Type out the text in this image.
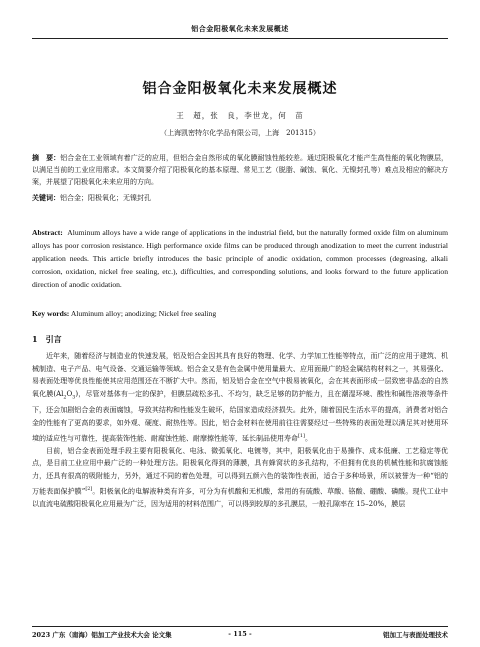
铝合金阳极氧化未来发展概述
铝合金阳极氧化未来发展概述
王　超，张　良，李世龙，何　苗
（上海凯密特尔化学品有限公司，上海　201315）
摘　要：铝合金在工业领域有着广泛的应用，但铝合金自然形成的氧化膜耐蚀性能较差。通过阳极氧化才能产生高性能的氧化物膜层，以满足当前的工业应用需求。本文简要介绍了阳极氧化的基本原理、常见工艺（脱脂、碱蚀、氧化、无镍封孔等）难点及相应的解决方案，并展望了阳极氧化未来应用的方向。
关键词：铝合金；阳极氧化；无镍封孔
Abstract: Aluminum alloys have a wide range of applications in the industrial field, but the naturally formed oxide film on aluminum alloys has poor corrosion resistance. High performance oxide films can be produced through anodization to meet the current industrial application needs. This article briefly introduces the basic principle of anodic oxidation, common processes (degreasing, alkali corrosion, oxidation, nickel free sealing, etc.), difficulties, and corresponding solutions, and looks forward to the future application direction of anodic oxidation.
Key words: Aluminum alloy; anodizing; Nickel free sealing
1　引言

近年来，随着经济与制造业的快速发展，铝及铝合金因其具有良好的物理、化学、力学加工性能等特点，而广泛的应用于建筑、机械制造、电子产品、电气设备、交通运输等领域。铝合金又是有色金属中使用量最大、应用面最广的轻金属结构材料之一，其易强化、易表面处理等优良性能使其应用范围还在不断扩大中。然而，铝及铝合金在空气中极易被氧化，会在其表面形成一层致密非晶态的自然氧化膜$(Al_2O_3)$，尽管对基体有一定的保护，但膜层疏松多孔、不均匀，缺乏足够的防护能力，且在潮湿环境、酸性和碱性溶液等条件下，还会加剧铝合金的表面腐蚀，导致其结构和性能发生破坏，给国家造成经济损失。此外，随着国民生活水平的提高，消费者对铝合金的性能有了更高的要求，如外观、硬度、耐热性等。因此，铝合金材料在使用前往往需要经过一些特殊的表面处理以满足其对使用环境的适应性与可靠性，提高装饰性能、耐腐蚀性能、耐摩擦性能等，延长制品使用寿命[1]。

目前，铝合金表面处理手段主要有阳极氧化、电泳、微弧氧化、电镀等，其中，阳极氧化由于易操作、成本低廉、工艺稳定等优点，是目前工业应用中最广泛的一种处理方法。阳极氧化得到的薄膜，具有蜂窝状的多孔结构，不但拥有优良的机械性能和抗腐蚀能力，还具有很高的吸附能力，另外，通过不同的着色处理，可以得到五颜六色的装饰性表面，适合于多种场景，所以被誉为一种“铝的万能表面保护膜”[2]。阳极氧化的电解液种类有许多，可分为有机酸和无机酸，常用的有硫酸、草酸、铬酸、硼酸、磷酸。现代工业中以直流电硫酸阳极氧化应用最为广泛，因为适用的材料范围广，可以得到较厚的多孔膜层，一般孔隙率在 15–20%，膜层

2023 广东（南海）铝加工产业技术大会 论文集	- 115 -	铝加工与表面处理技术
